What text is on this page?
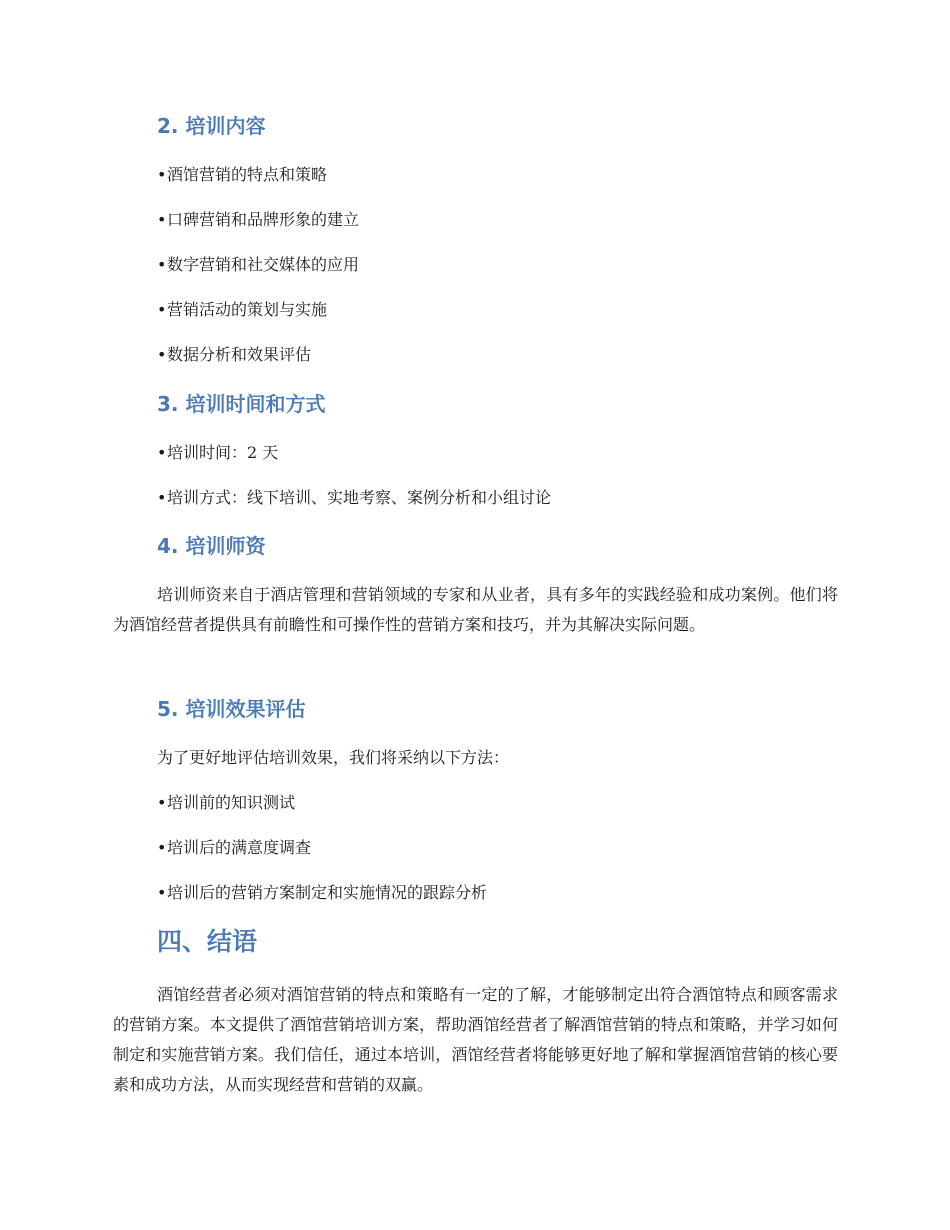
2. 培训内容

•酒馆营销的特点和策略

•口碑营销和品牌形象的建立

•数字营销和社交媒体的应用

•营销活动的策划与实施

•数据分析和效果评估

3. 培训时间和方式

•培训时间：2 天

•培训方式：线下培训、实地考察、案例分析和小组讨论

4. 培训师资

培训师资来自于酒店管理和营销领域的专家和从业者，具有多年的实践经验和成功案例。他们将为酒馆经营者提供具有前瞻性和可操作性的营销方案和技巧，并为其解决实际问题。

5. 培训效果评估

为了更好地评估培训效果，我们将采纳以下方法：

•培训前的知识测试

•培训后的满意度调查

•培训后的营销方案制定和实施情况的跟踪分析

四、结语

酒馆经营者必须对酒馆营销的特点和策略有一定的了解，才能够制定出符合酒馆特点和顾客需求的营销方案。本文提供了酒馆营销培训方案，帮助酒馆经营者了解酒馆营销的特点和策略，并学习如何制定和实施营销方案。我们信任，通过本培训，酒馆经营者将能够更好地了解和掌握酒馆营销的核心要素和成功方法，从而实现经营和营销的双赢。
